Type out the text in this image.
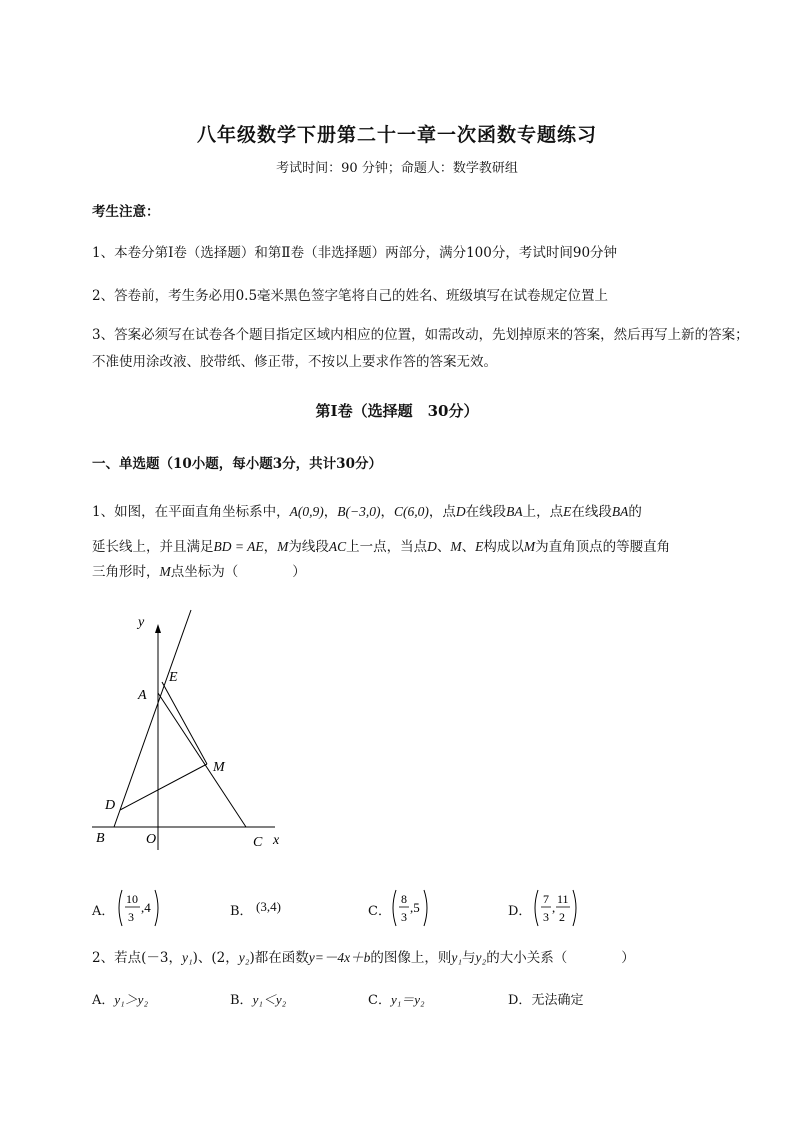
八年级数学下册第二十一章一次函数专题练习
考试时间：90 分钟；命题人：数学教研组
考生注意：
1、本卷分第Ⅰ卷（选择题）和第Ⅱ卷（非选择题）两部分，满分100分，考试时间90分钟
2、答卷前，考生务必用0.5毫米黑色签字笔将自己的姓名、班级填写在试卷规定位置上
3、答案必须写在试卷各个题目指定区域内相应的位置，如需改动，先划掉原来的答案，然后再写上新的答案；不准使用涂改液、胶带纸、修正带，不按以上要求作答的答案无效。
第Ⅰ卷（选择题　30分）
一、单选题（10小题，每小题3分，共计30分）
1、如图，在平面直角坐标系中，A(0,9)，B(−3,0)，C(6,0)，点D在线段BA上，点E在线段BA的
延长线上，并且满足BD = AE，M为线段AC上一点，当点D、M、E构成以M为直角顶点的等腰直角
三角形时，M点坐标为（　　　　）
y
x
A
E
M
D
B	O	C
A．
10
3
,4	B． (3,4)	C．
8
3
,5	D．
7
3
,
11
2
2、若点(－3，y₁)、(2，y₂)都在函数y=－4x＋b的图像上，则y₁与y₂的大小关系（　　　　）
A．y₁＞y₂	B．y₁＜y₂	C．y₁＝y₂	D．无法确定
